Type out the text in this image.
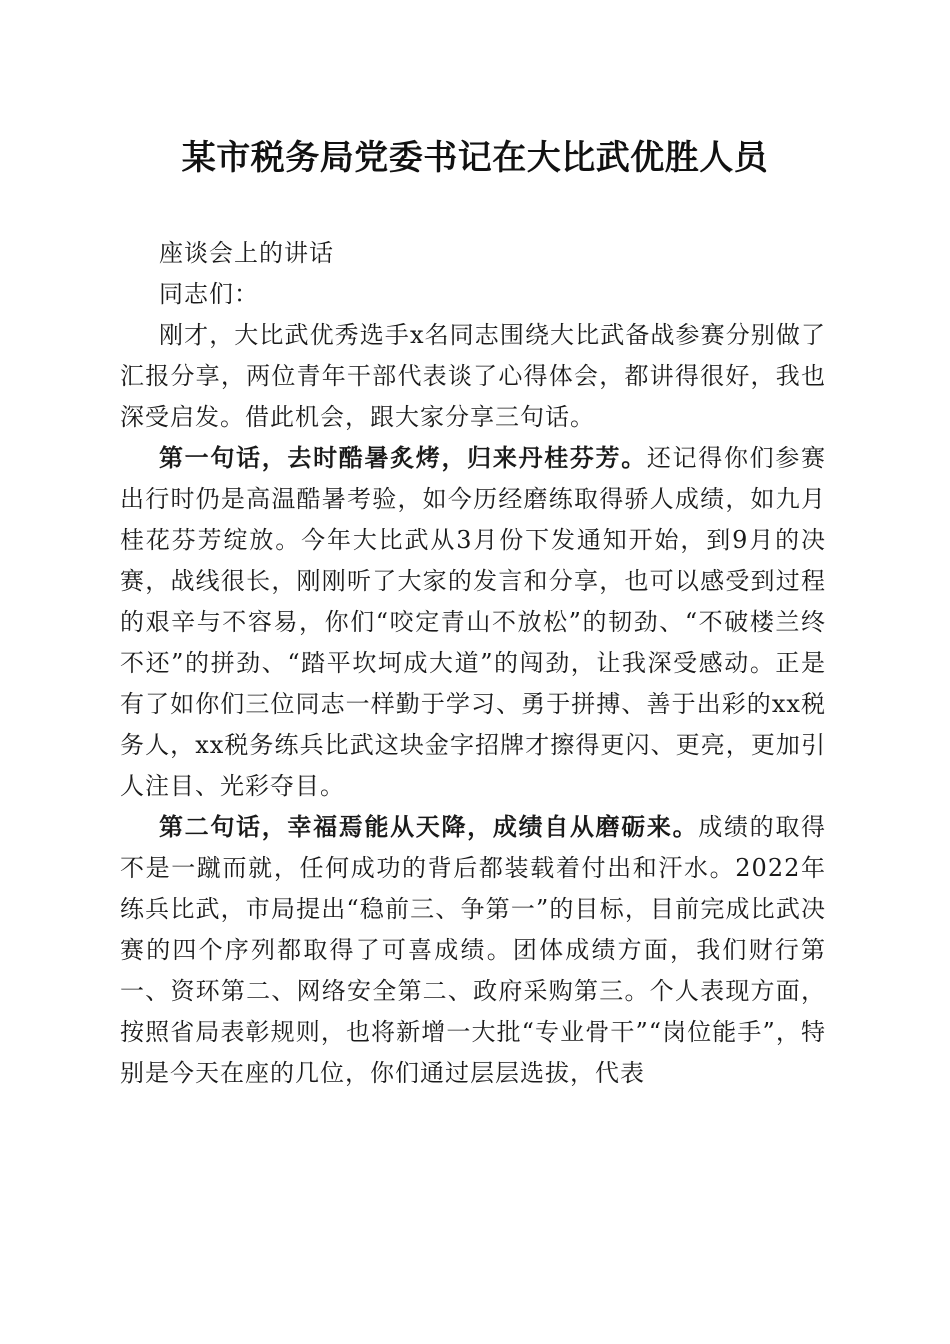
某市税务局党委书记在大比武优胜人员

座谈会上的讲话

同志们：

刚才，大比武优秀选手x名同志围绕大比武备战参赛分别做了汇报分享，两位青年干部代表谈了心得体会，都讲得很好，我也深受启发。借此机会，跟大家分享三句话。

第一句话，去时酷暑炙烤，归来丹桂芬芳。还记得你们参赛出行时仍是高温酷暑考验，如今历经磨练取得骄人成绩，如九月桂花芬芳绽放。今年大比武从3月份下发通知开始，到9月的决赛，战线很长，刚刚听了大家的发言和分享，也可以感受到过程的艰辛与不容易，你们“咬定青山不放松”的韧劲、“不破楼兰终不还”的拼劲、“踏平坎坷成大道”的闯劲，让我深受感动。正是有了如你们三位同志一样勤于学习、勇于拼搏、善于出彩的xx税务人，xx税务练兵比武这块金字招牌才擦得更闪、更亮，更加引人注目、光彩夺目。

第二句话，幸福焉能从天降，成绩自从磨砺来。成绩的取得不是一蹴而就，任何成功的背后都装载着付出和汗水。2022年练兵比武，市局提出“稳前三、争第一”的目标，目前完成比武决赛的四个序列都取得了可喜成绩。团体成绩方面，我们财行第一、资环第二、网络安全第二、政府采购第三。个人表现方面，按照省局表彰规则，也将新增一大批“专业骨干”“岗位能手”，特别是今天在座的几位，你们通过层层选拔，代表
